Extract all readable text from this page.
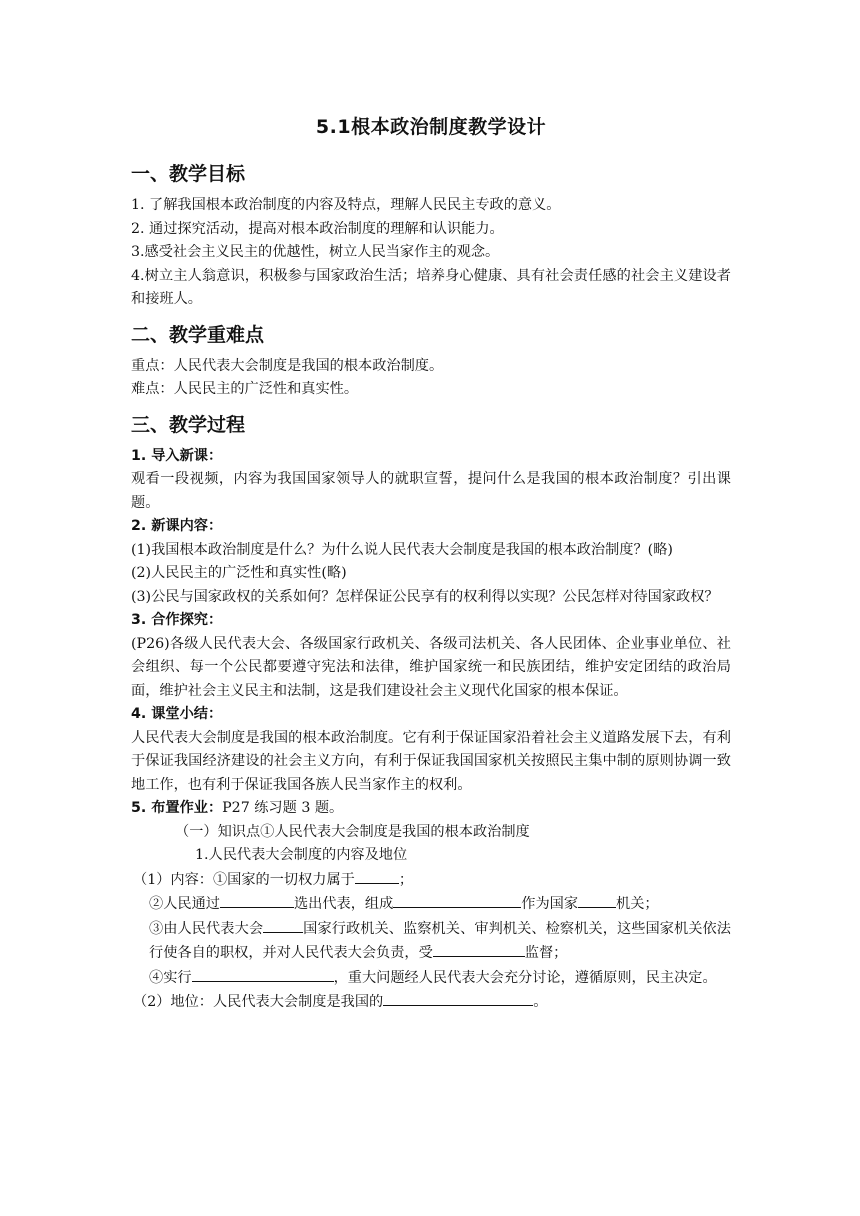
5.1根本政治制度教学设计
一、教学目标

1. 了解我国根本政治制度的内容及特点，理解人民民主专政的意义。

2. 通过探究活动，提高对根本政治制度的理解和认识能力。

3.感受社会主义民主的优越性，树立人民当家作主的观念。

4.树立主人翁意识，积极参与国家政治生活；培养身心健康、具有社会责任感的社会主义建设者和接班人。

二、教学重难点

重点：人民代表大会制度是我国的根本政治制度。

难点：人民民主的广泛性和真实性。

三、教学过程

1. 导入新课：

观看一段视频，内容为我国国家领导人的就职宣誓，提问什么是我国的根本政治制度？引出课题。

2. 新课内容：

(1)我国根本政治制度是什么？为什么说人民代表大会制度是我国的根本政治制度？(略)

(2)人民民主的广泛性和真实性(略)

(3)公民与国家政权的关系如何？怎样保证公民享有的权利得以实现？公民怎样对待国家政权？

3. 合作探究：

(P26)各级人民代表大会、各级国家行政机关、各级司法机关、各人民团体、企业事业单位、社会组织、每一个公民都要遵守宪法和法律，维护国家统一和民族团结，维护安定团结的政治局面，维护社会主义民主和法制，这是我们建设社会主义现代化国家的根本保证。

4. 课堂小结：

人民代表大会制度是我国的根本政治制度。它有利于保证国家沿着社会主义道路发展下去，有利于保证我国经济建设的社会主义方向，有利于保证我国国家机关按照民主集中制的原则协调一致地工作，也有利于保证我国各族人民当家作主的权利。

5. 布置作业：P27 练习题 3 题。

（一）知识点①人民代表大会制度是我国的根本政治制度

1.人民代表大会制度的内容及地位

（1）内容：①国家的一切权力属于	；

②人民通过	选出代表，组成	作为国家	机关；

③由人民代表大会	国家行政机关、监察机关、审判机关、检察机关，这些国家机关依法行使各自的职权，并对人民代表大会负责，受	监督；

④实行	，重大问题经人民代表大会充分讨论，遵循原则，民主决定。

（2）地位：人民代表大会制度是我国的	。
